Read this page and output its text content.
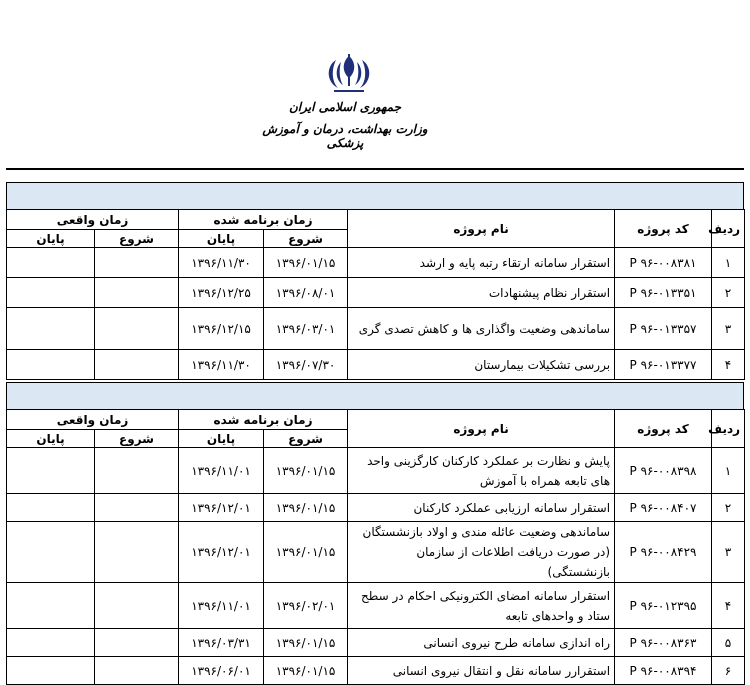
جمهوری اسلامی ایران
وزارت بهداشت، درمان و آموزش پزشکی
ردیف	کد پروژه	نام پروژه	زمان برنامه شده		زمان واقعی	
			شروع	پایان	شروع	پایان
۱	P ۹۶-۰۰۸۳۸۱	استقرار سامانه ارتقاء رتبه پایه و ارشد	۱۳۹۶/۰۱/۱۵	۱۳۹۶/۱۱/۳۰		
۲	P ۹۶-۰۱۳۳۵۱	استقرار نظام پیشنهادات	۱۳۹۶/۰۸/۰۱	۱۳۹۶/۱۲/۲۵		
۳	P ۹۶-۰۱۳۳۵۷	ساماندهی وضعیت واگذاری ها و کاهش تصدی گری	۱۳۹۶/۰۳/۰۱	۱۳۹۶/۱۲/۱۵		
۴	P ۹۶-۰۱۳۳۷۷	بررسی تشکیلات بیمارستان	۱۳۹۶/۰۷/۳۰	۱۳۹۶/۱۱/۳۰		
ردیف	کد پروژه	نام پروژه	زمان برنامه شده		زمان واقعی	
			شروع	پایان	شروع	پایان
۱	P ۹۶-۰۰۸۳۹۸	پایش و نظارت بر عملکرد کارکنان کارگزینی واحد های تابعه همراه با آموزش	۱۳۹۶/۰۱/۱۵	۱۳۹۶/۱۱/۰۱		
۲	P ۹۶-۰۰۸۴۰۷	استقرار سامانه ارزیابی عملکرد کارکنان	۱۳۹۶/۰۱/۱۵	۱۳۹۶/۱۲/۰۱		
۳	P ۹۶-۰۰۸۴۲۹	ساماندهی وضعیت عائله مندی و اولاد بازنشستگان (در صورت دریافت اطلاعات از سازمان بازنشستگی)	۱۳۹۶/۰۱/۱۵	۱۳۹۶/۱۲/۰۱		
۴	P ۹۶-۰۱۲۳۹۵	استقرار سامانه امضای الکترونیکی احکام در سطح ستاد و واحدهای تابعه	۱۳۹۶/۰۲/۰۱	۱۳۹۶/۱۱/۰۱		
۵	P ۹۶-۰۰۸۳۶۳	راه اندازی سامانه طرح نیروی انسانی	۱۳۹۶/۰۱/۱۵	۱۳۹۶/۰۳/۳۱		
۶	P ۹۶-۰۰۸۳۹۴	استقرارر سامانه نقل و انتقال نیروی انسانی	۱۳۹۶/۰۱/۱۵	۱۳۹۶/۰۶/۰۱		
